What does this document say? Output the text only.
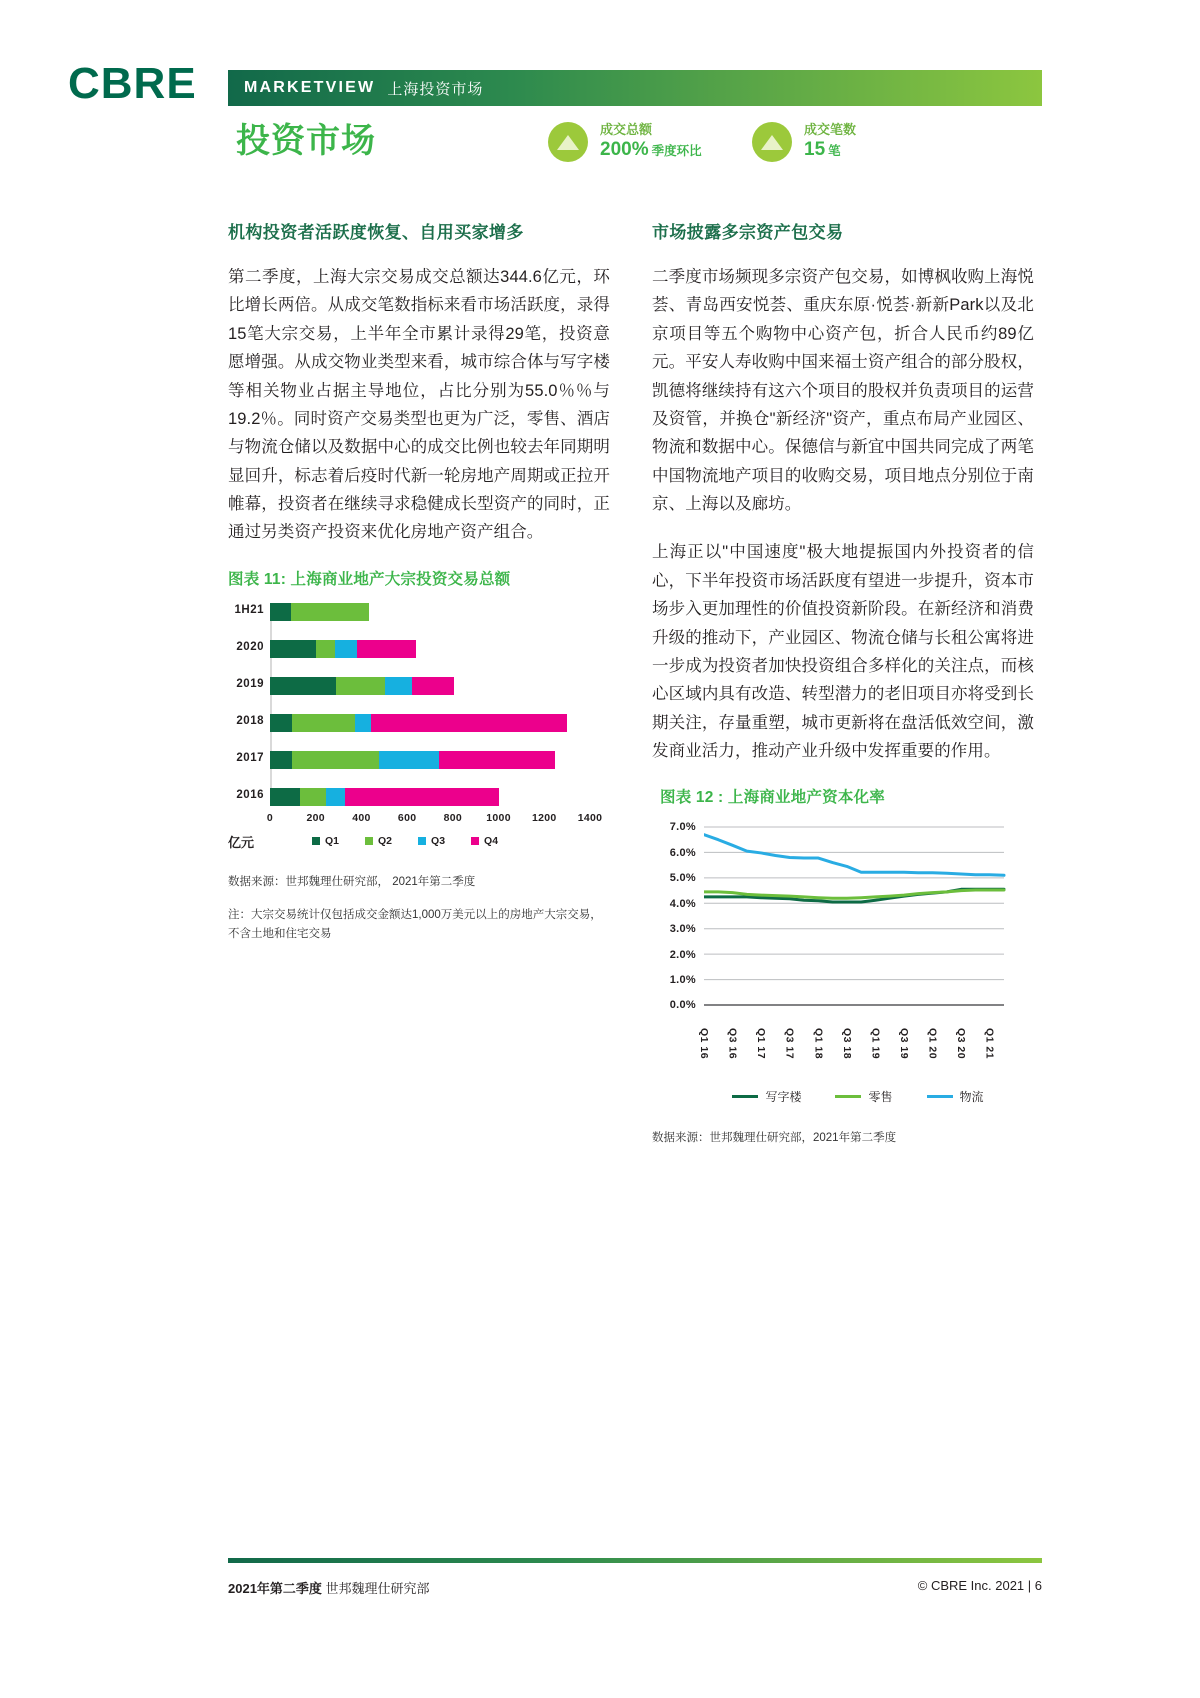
CBRE	MARKETVIEW 上海投资市场
投资市场	成交总额
200% 季度环比
成交笔数
15 笔
机构投资者活跃度恢复、自用买家增多

第二季度，上海大宗交易成交总额达344.6亿元，环比增长两倍。从成交笔数指标来看市场活跃度，录得15笔大宗交易，上半年全市累计录得29笔，投资意愿增强。从成交物业类型来看，城市综合体与写字楼等相关物业占据主导地位，占比分别为55.0％％与19.2％。同时资产交易类型也更为广泛，零售、酒店与物流仓储以及数据中心的成交比例也较去年同期明显回升，标志着后疫时代新一轮房地产周期或正拉开帷幕，投资者在继续寻求稳健成长型资产的同时，正通过另类资产投资来优化房地产资产组合。

图表 11: 上海商业地产大宗投资交易总额
1H21
2020
2019
2018
2017
2016
0	200	400	600	800 1000 1200 1400
亿元	Q1	Q2	Q3	Q4
数据来源：世邦魏理仕研究部， 2021年第二季度
注：大宗交易统计仅包括成交金额达1,000万美元以上的房地产大宗交易，不含土地和住宅交易
市场披露多宗资产包交易

二季度市场频现多宗资产包交易，如博枫收购上海悦荟、青岛西安悦荟、重庆东原·悦荟·新新Park以及北京项目等五个购物中心资产包，折合人民币约89亿元。平安人寿收购中国来福士资产组合的部分股权，凯德将继续持有这六个项目的股权并负责项目的运营及资管，并换仓"新经济"资产，重点布局产业园区、物流和数据中心。保德信与新宜中国共同完成了两笔中国物流地产项目的收购交易，项目地点分别位于南京、上海以及廊坊。

上海正以"中国速度"极大地提振国内外投资者的信心，下半年投资市场活跃度有望进一步提升，资本市场步入更加理性的价值投资新阶段。在新经济和消费升级的推动下，产业园区、物流仓储与长租公寓将进一步成为投资者加快投资组合多样化的关注点，而核心区域内具有改造、转型潜力的老旧项目亦将受到长期关注，存量重塑，城市更新将在盘活低效空间，激发商业活力，推动产业升级中发挥重要的作用。

图表 12 : 上海商业地产资本化率
0.0%
1.0%
2.0%
3.0%
4.0%
5.0%
6.0%
7.0%
Q1 16 Q3 16 Q1 17 Q3 17 Q1 18 Q3 18 Q1 19 Q3 19 Q1 20 Q3 20 Q1 21
写字楼	零售	物流
数据来源：世邦魏理仕研究部，2021年第二季度
2021年第二季度 世邦魏理仕研究部	© CBRE Inc. 2021 | 6
